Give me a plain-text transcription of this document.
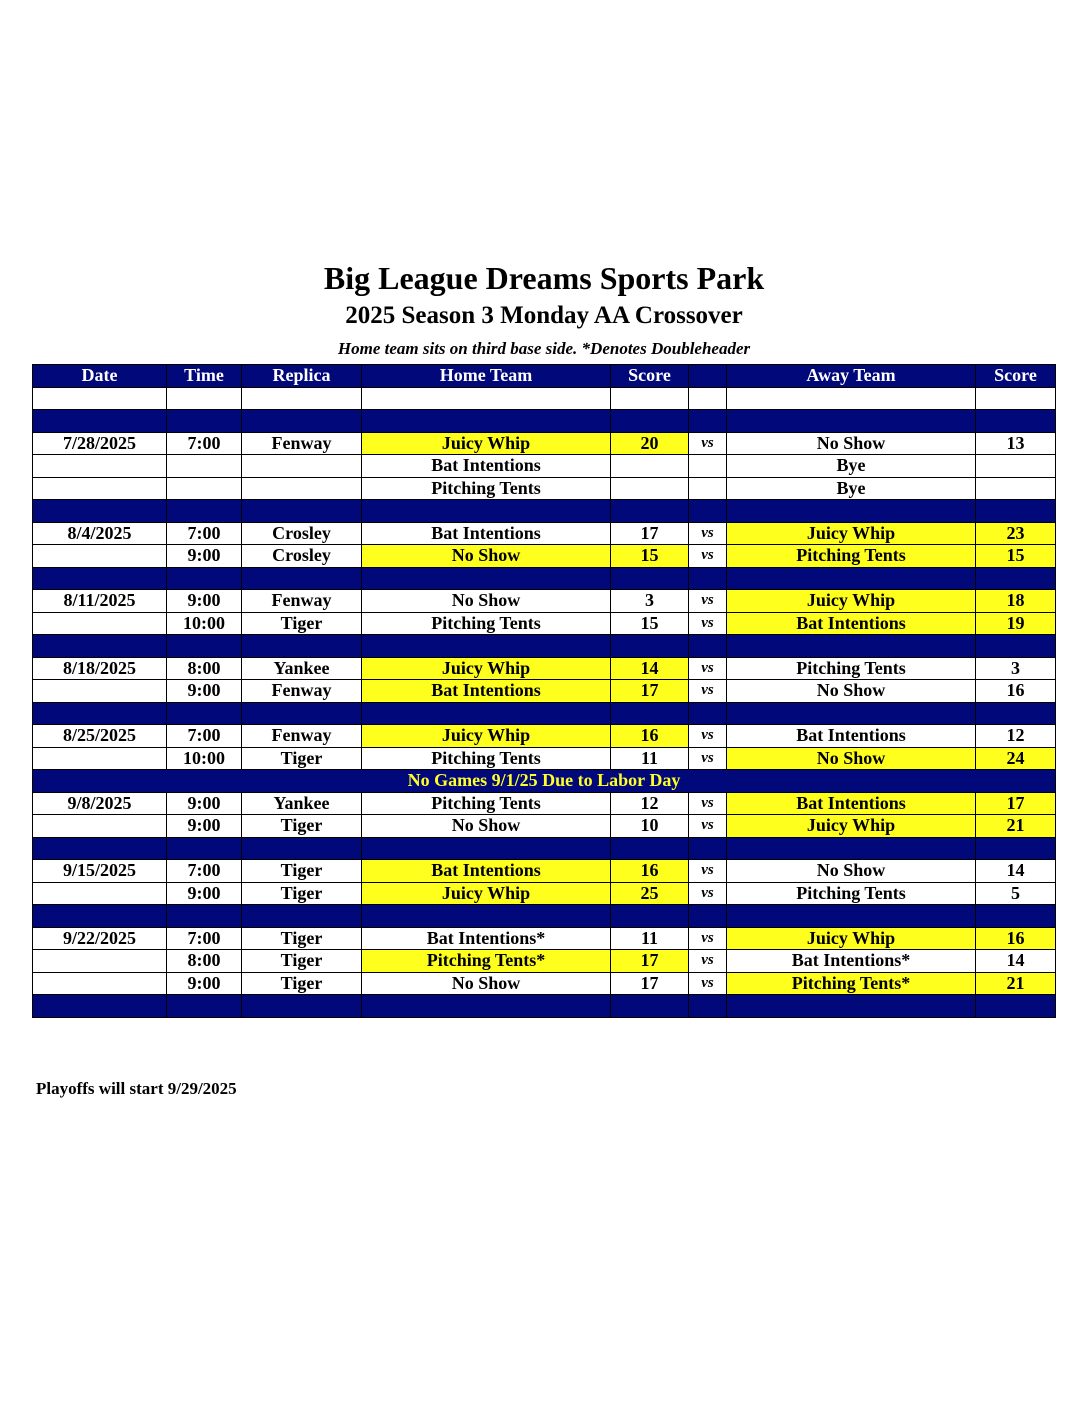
Big League Dreams Sports Park
2025 Season 3 Monday AA Crossover
Home team sits on third base side. *Denotes Doubleheader
Date	Time	Replica	Home Team	Score		Away Team	Score

7/28/2025	7:00	Fenway	Juicy Whip	20	vs	No Show	13
			Bat Intentions			Bye	
			Pitching Tents			Bye	

8/4/2025	7:00	Crosley	Bat Intentions	17	vs	Juicy Whip	23
	9:00	Crosley	No Show	15	vs	Pitching Tents	15

8/11/2025	9:00	Fenway	No Show	3	vs	Juicy Whip	18
	10:00	Tiger	Pitching Tents	15	vs	Bat Intentions	19

8/18/2025	8:00	Yankee	Juicy Whip	14	vs	Pitching Tents	3
	9:00	Fenway	Bat Intentions	17	vs	No Show	16

8/25/2025	7:00	Fenway	Juicy Whip	16	vs	Bat Intentions	12
	10:00	Tiger	Pitching Tents	11	vs	No Show	24
No Games 9/1/25 Due to Labor Day							
9/8/2025	9:00	Yankee	Pitching Tents	12	vs	Bat Intentions	17
	9:00	Tiger	No Show	10	vs	Juicy Whip	21

9/15/2025	7:00	Tiger	Bat Intentions	16	vs	No Show	14
	9:00	Tiger	Juicy Whip	25	vs	Pitching Tents	5

9/22/2025	7:00	Tiger	Bat Intentions*	11	vs	Juicy Whip	16
	8:00	Tiger	Pitching Tents*	17	vs	Bat Intentions*	14
	9:00	Tiger	No Show	17	vs	Pitching Tents*	21

Playoffs will start 9/29/2025
